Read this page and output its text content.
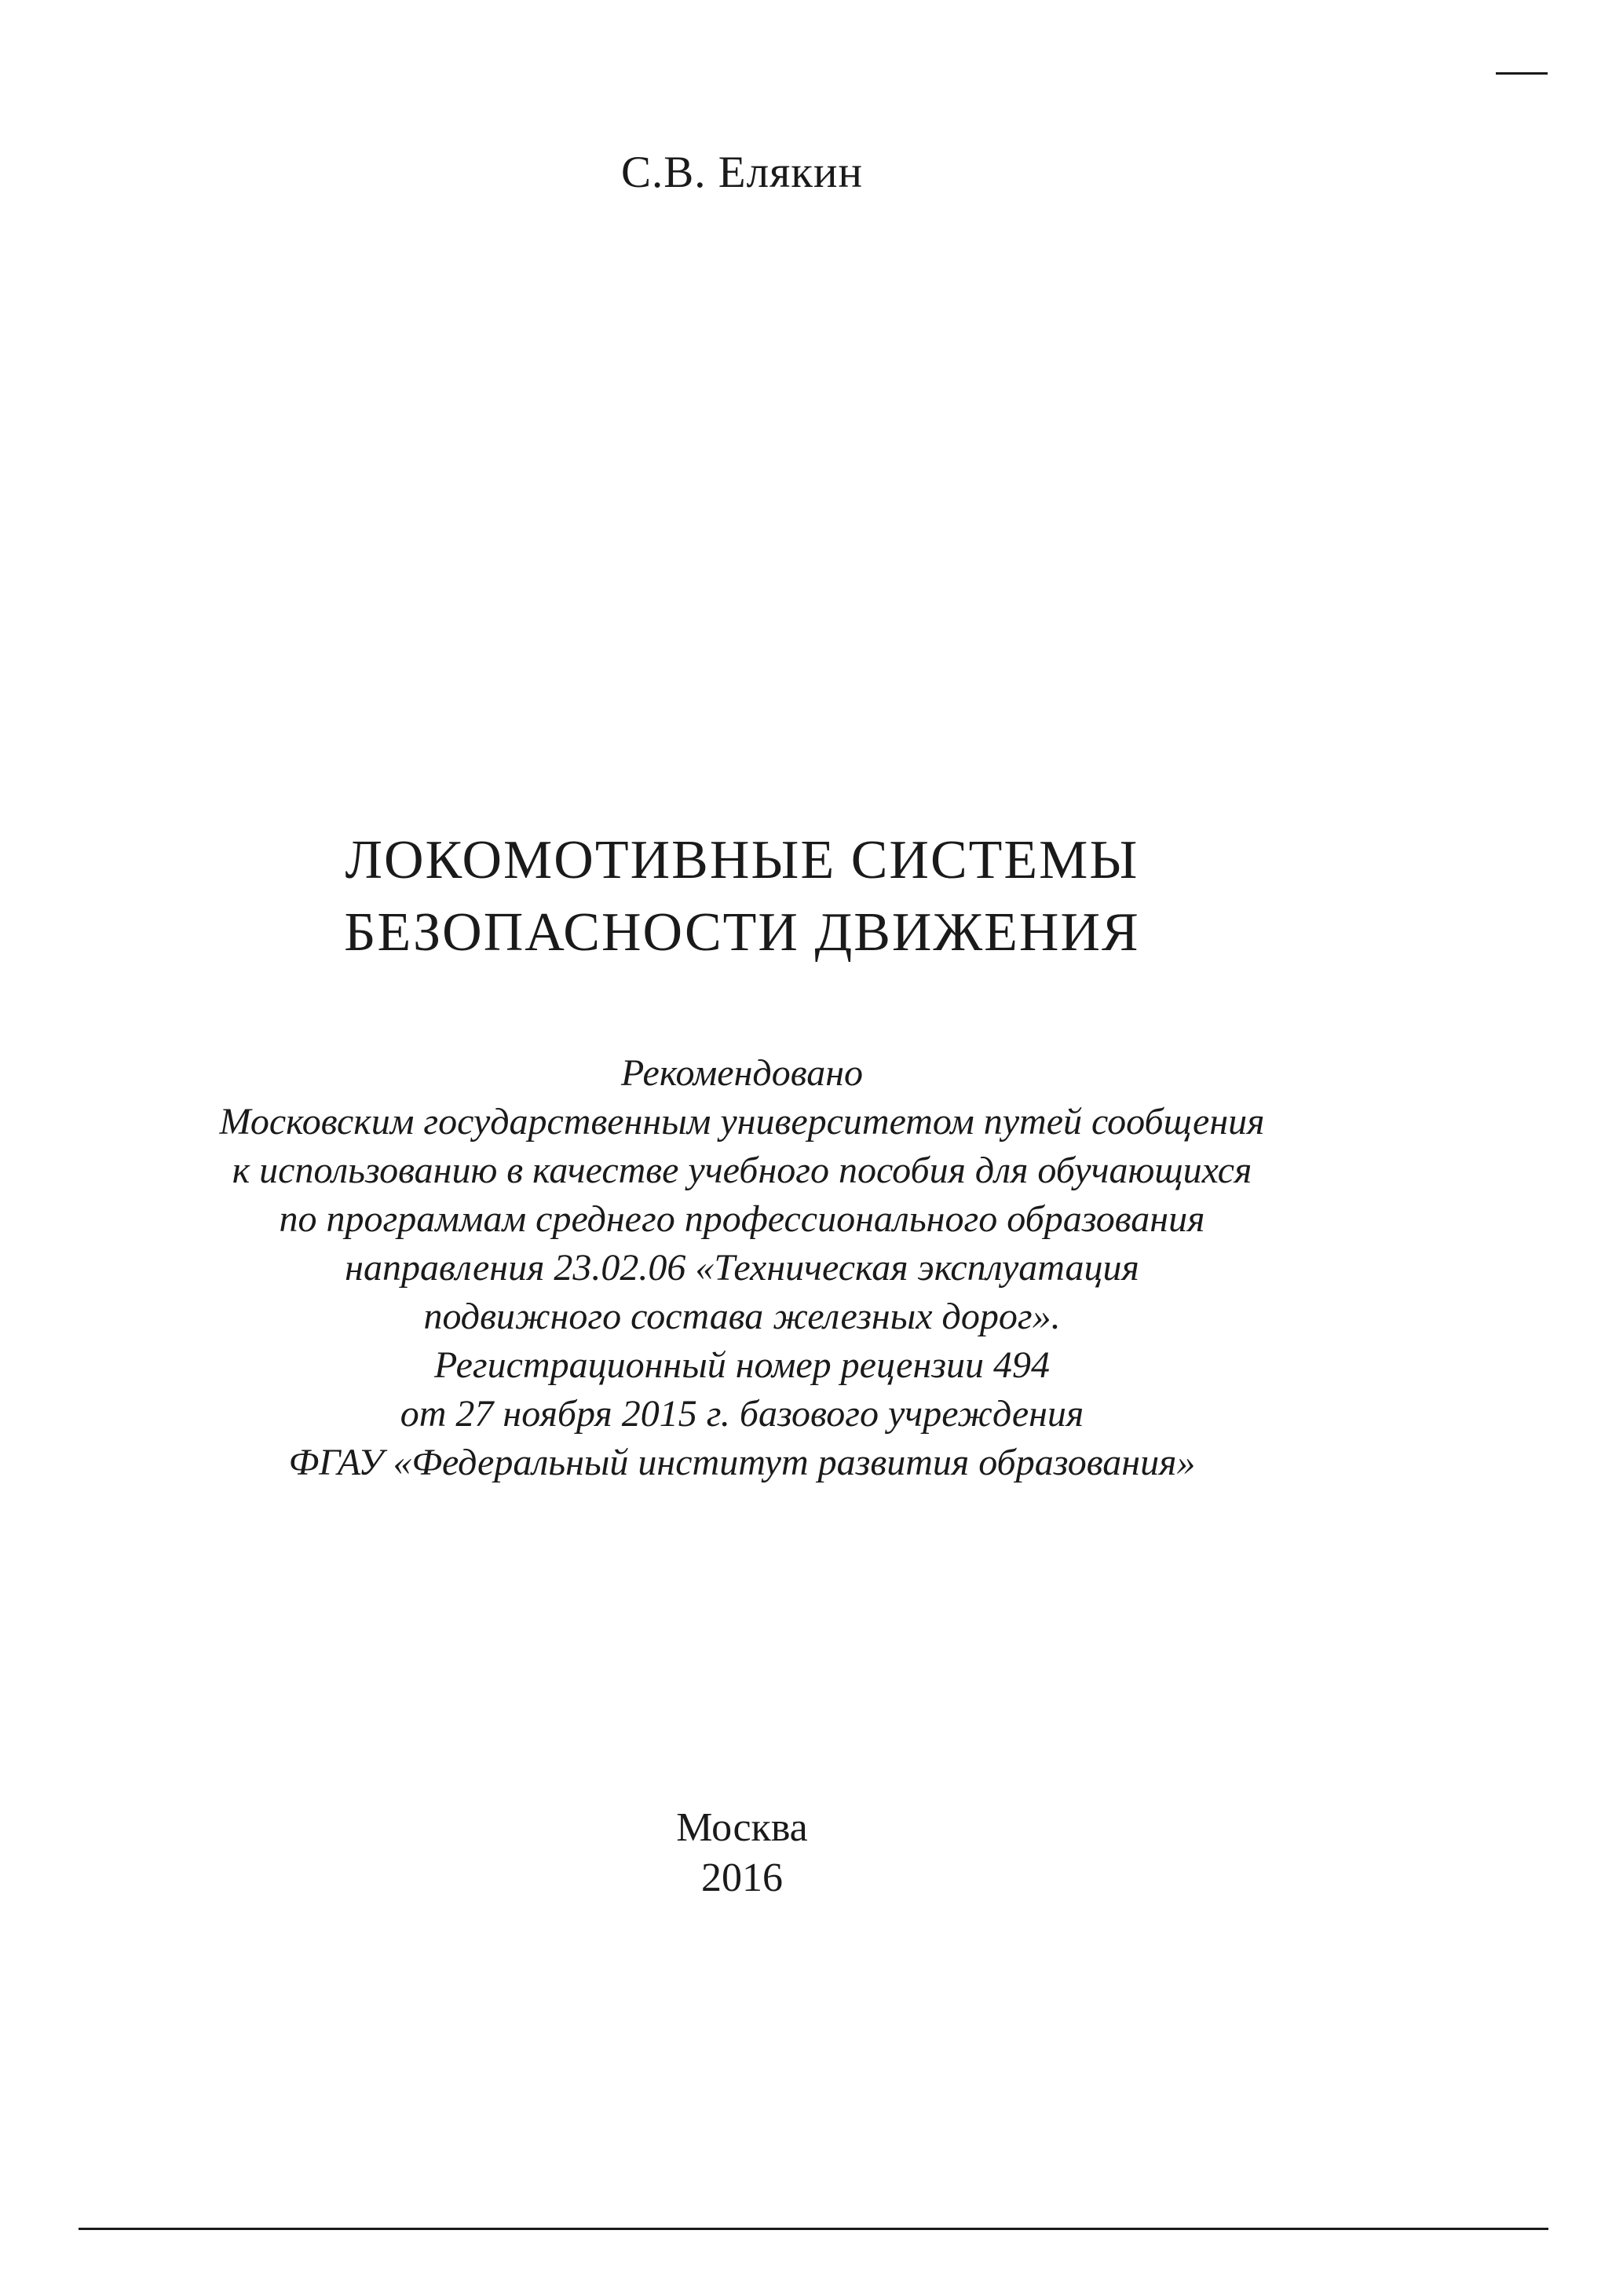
С.В. Елякин
ЛОКОМОТИВНЫЕ СИСТЕМЫ
БЕЗОПАСНОСТИ ДВИЖЕНИЯ
Рекомендовано
Московским государственным университетом путей сообщения
к использованию в качестве учебного пособия для обучающихся
по программам среднего профессионального образования
направления 23.02.06 «Техническая эксплуатация
подвижного состава железных дорог».
Регистрационный номер рецензии 494
от 27 ноября 2015 г. базового учреждения
ФГАУ «Федеральный институт развития образования»
Москва
2016
